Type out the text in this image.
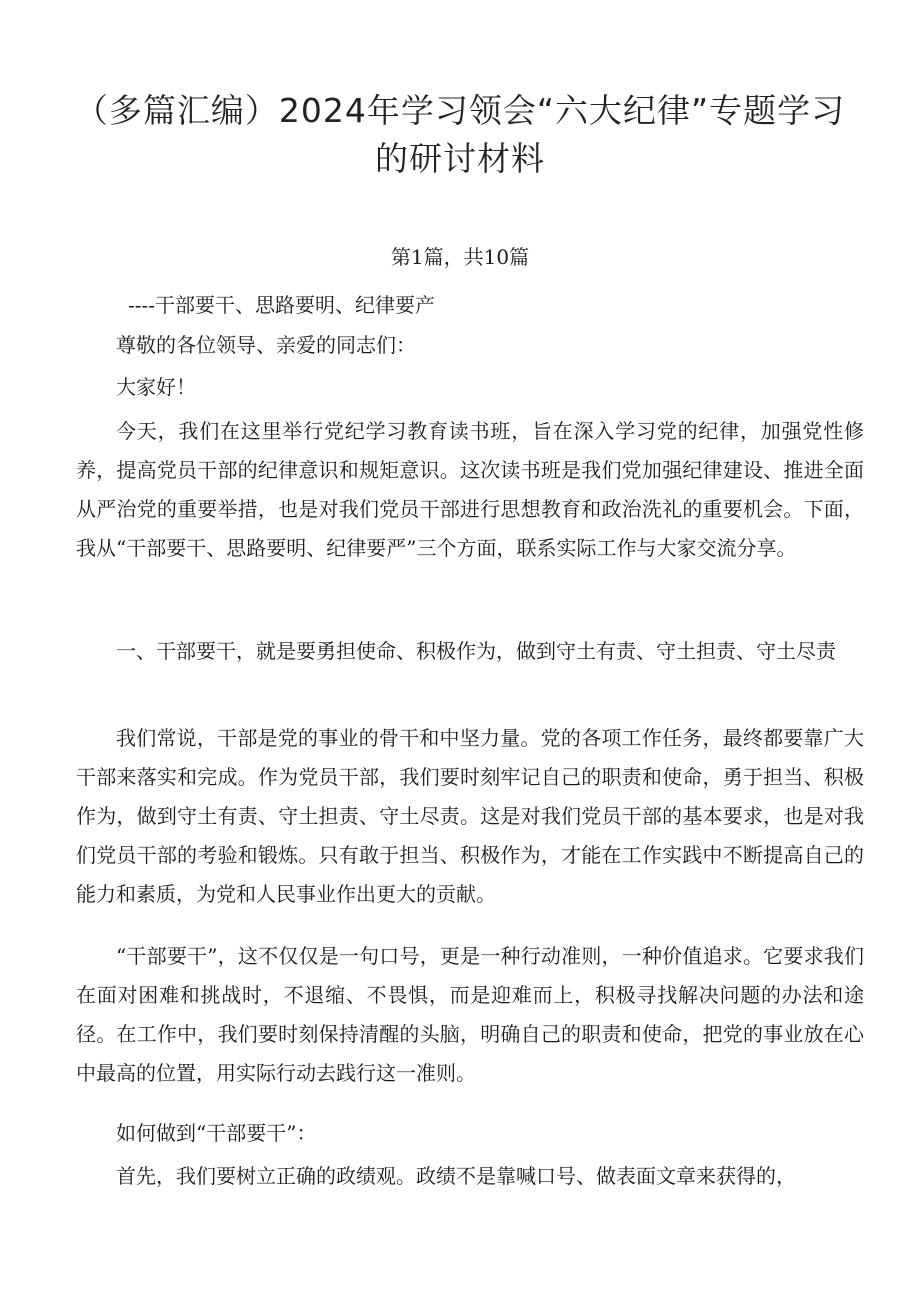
（多篇汇编）2024年学习领会“六大纪律”专题学习
的研讨材料
第1篇，共10篇

----干部要干、思路要明、纪律要产

尊敬的各位领导、亲爱的同志们：

大家好！

今天，我们在这里举行党纪学习教育读书班，旨在深入学习党的纪律，加强党性修养，提高党员干部的纪律意识和规矩意识。这次读书班是我们党加强纪律建设、推进全面从严治党的重要举措，也是对我们党员干部进行思想教育和政治洗礼的重要机会。下面，我从“干部要干、思路要明、纪律要严”三个方面，联系实际工作与大家交流分享。

一、干部要干，就是要勇担使命、积极作为，做到守土有责、守土担责、守土尽责

我们常说，干部是党的事业的骨干和中坚力量。党的各项工作任务，最终都要靠广大干部来落实和完成。作为党员干部，我们要时刻牢记自己的职责和使命，勇于担当、积极作为，做到守土有责、守土担责、守土尽责。这是对我们党员干部的基本要求，也是对我们党员干部的考验和锻炼。只有敢于担当、积极作为，才能在工作实践中不断提高自己的能力和素质，为党和人民事业作出更大的贡献。

“干部要干”，这不仅仅是一句口号，更是一种行动准则，一种价值追求。它要求我们在面对困难和挑战时，不退缩、不畏惧，而是迎难而上，积极寻找解决问题的办法和途径。在工作中，我们要时刻保持清醒的头脑，明确自己的职责和使命，把党的事业放在心中最高的位置，用实际行动去践行这一准则。

如何做到“干部要干”：

首先，我们要树立正确的政绩观。政绩不是靠喊口号、做表面文章来获得的，
